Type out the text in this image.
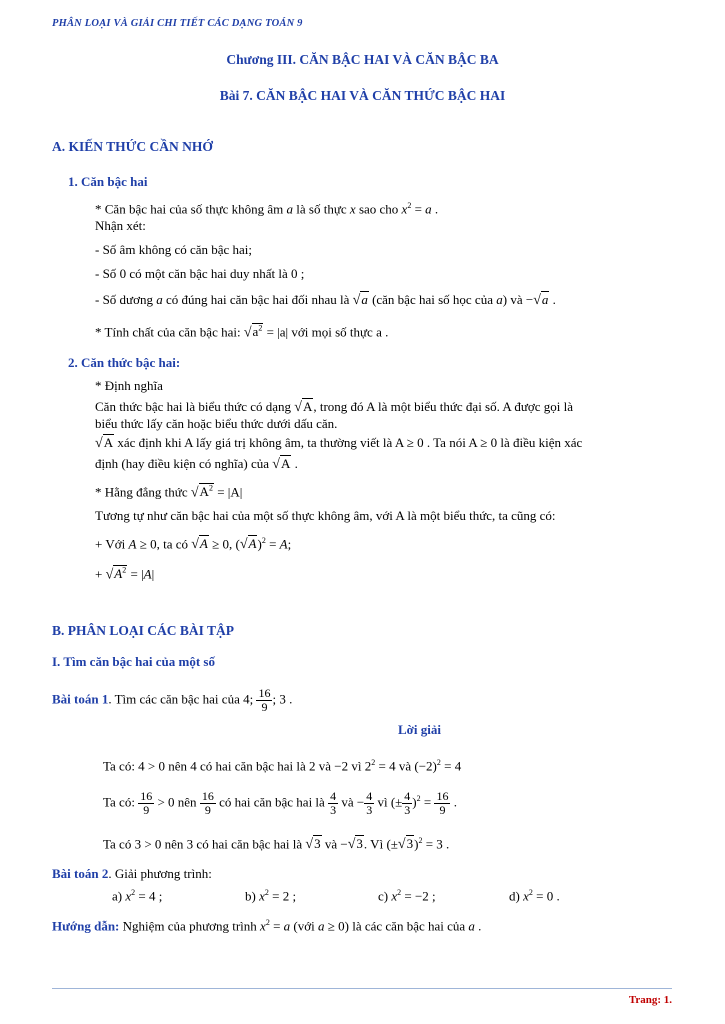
PHÂN LOẠI VÀ GIẢI CHI TIẾT CÁC DẠNG TOÁN 9
Chương III. CĂN BẬC HAI VÀ CĂN BẬC BA
Bài 7. CĂN BẬC HAI VÀ CĂN THỨC BẬC HAI
A. KIẾN THỨC CẦN NHỚ
1. Căn bậc hai
* Căn bậc hai của số thực không âm a là số thực x sao cho $x^2 = a$ .
Nhận xét:
- Số âm không có căn bậc hai;
- Số 0 có một căn bậc hai duy nhất là 0 ;
- Số dương a có đúng hai căn bậc hai đối nhau là √a (căn bậc hai số học của a) và −√a .
* Tính chất của căn bậc hai: $√a^2 = |a|$ với mọi số thực a .
2. Căn thức bậc hai:
* Định nghĩa
Căn thức bậc hai là biểu thức có dạng √A, trong đó A là một biểu thức đại số. A được gọi là
biểu thức lấy căn hoặc biểu thức dưới dấu căn.
√A xác định khi A lấy giá trị không âm, ta thường viết là A ≥ 0 . Ta nói A ≥ 0 là điều kiện xác
định (hay điều kiện có nghĩa) của √A .
* Hằng đẳng thức $√A^2 = |A|$
Tương tự như căn bậc hai của một số thực không âm, với A là một biểu thức, ta cũng có:
+ Với A ≥ 0, ta có √A ≥ 0, $(√A)^2 = A$;
+ $√A^2 = |A|$
B. PHÂN LOẠI CÁC BÀI TẬP
I. Tìm căn bậc hai của một số
Bài toán 1. Tìm các căn bậc hai của 4; $\frac{16}{9}$ ; 3 .
Lời giải
Ta có: 4 > 0 nên 4 có hai căn bậc hai là 2 và −2 vì $2^2 = 4$ và $(-2)^2 = 4$
Ta có: $\frac{16}{9} > 0$ nên $\frac{16}{9}$ có hai căn bậc hai là $\frac{4}{3}$ và − $\frac{4}{3}$ vì (± $\frac{4}{3} )^2 = \frac{16}{9}$ .
Ta có 3 > 0 nên 3 có hai căn bậc hai là √3 và −√3. Vì $(\pm√3)^2 = 3$ .
Bài toán 2. Giải phương trình:
a) $x^2 = 4$ ;	b) $x^2 = 2$ ;	c) $x^2 = -2$ ;	d) $x^2 = 0$ .
Hướng dẫn: Nghiệm của phương trình $x^2 = a$ (với a ≥ 0) là các căn bậc hai của a .
Trang: 1.
